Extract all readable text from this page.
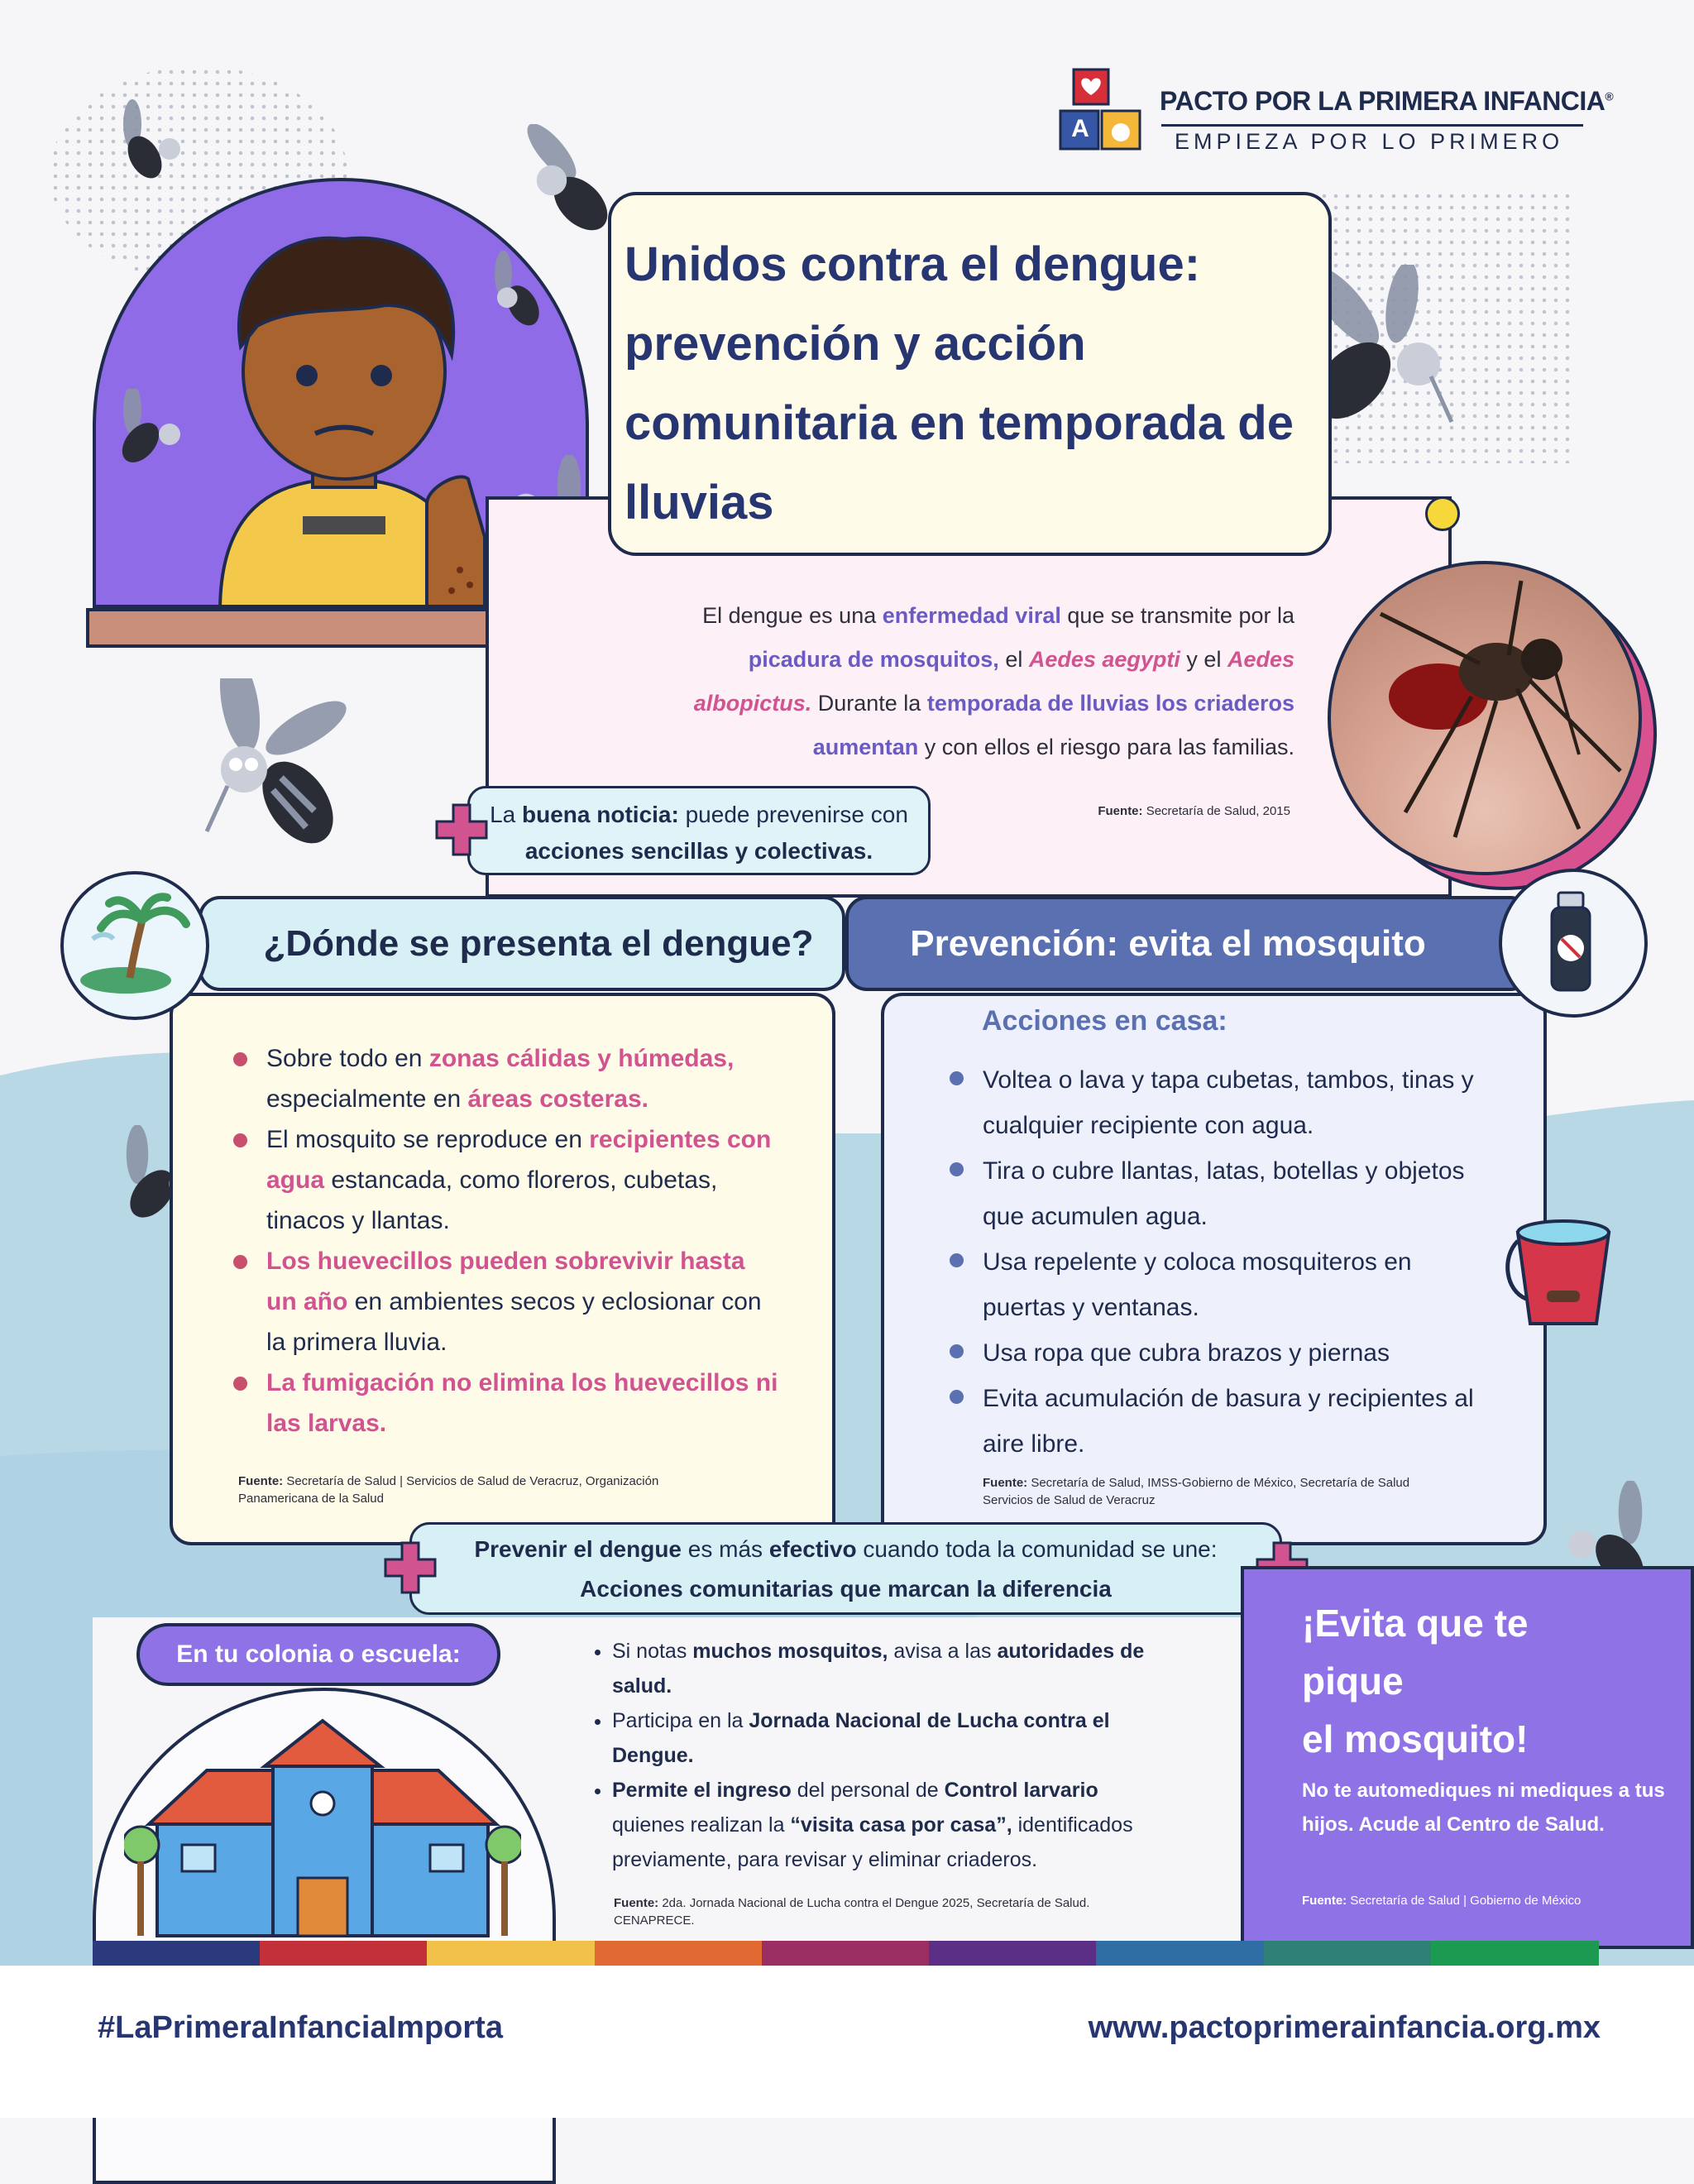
A
PACTO POR LA PRIMERA INFANCIA®
EMPIEZA POR LO PRIMERO
Unidos contra el dengue: prevención y acción comunitaria en temporada de lluvias
El dengue es una enfermedad viral que se transmite por la picadura de mosquitos, el Aedes aegypti y el Aedes albopictus. Durante la temporada de lluvias los criaderos aumentan y con ellos el riesgo para las familias.
Fuente: Secretaría de Salud, 2015
La buena noticia: puede prevenirse con acciones sencillas y colectivas.
¿Dónde se presenta el dengue?
Sobre todo en zonas cálidas y húmedas, especialmente en áreas costeras.
El mosquito se reproduce en recipientes con agua estancada, como floreros, cubetas, tinacos y llantas.
Los huevecillos pueden sobrevivir hasta un año en ambientes secos y eclosionar con la primera lluvia.
La fumigación no elimina los huevecillos ni las larvas.
Fuente: Secretaría de Salud | Servicios de Salud de Veracruz, Organización Panamericana de la Salud
Prevención: evita el mosquito
Acciones en casa:
Voltea o lava y tapa cubetas, tambos, tinas y cualquier recipiente con agua.
Tira o cubre llantas, latas, botellas y objetos que acumulen agua.
Usa repelente y coloca mosquiteros en puertas y ventanas.
Usa ropa que cubra brazos y piernas
Evita acumulación de basura y recipientes al aire libre.
Fuente: Secretaría de Salud, IMSS-Gobierno de México, Secretaría de Salud Servicios de Salud de Veracruz
Prevenir el dengue es más efectivo cuando toda la comunidad se une:
Acciones comunitarias que marcan la diferencia
En tu colonia o escuela:
•	Si notas muchos mosquitos, avisa a las autoridades de salud.
• Participa en la Jornada Nacional de Lucha contra el Dengue.
• Permite el ingreso del personal de Control larvario quienes realizan la “visita casa por casa”, identificados previamente, para revisar y eliminar criaderos.
Fuente: 2da. Jornada Nacional de Lucha contra el Dengue 2025, Secretaría de Salud. CENAPRECE.
¡Evita que te
pique
el mosquito!
No te automediques ni mediques a tus hijos. Acude al Centro de Salud.
Fuente: Secretaría de Salud | Gobierno de México
#LaPrimeraInfanciaImporta	www.pactoprimerainfancia.org.mx
